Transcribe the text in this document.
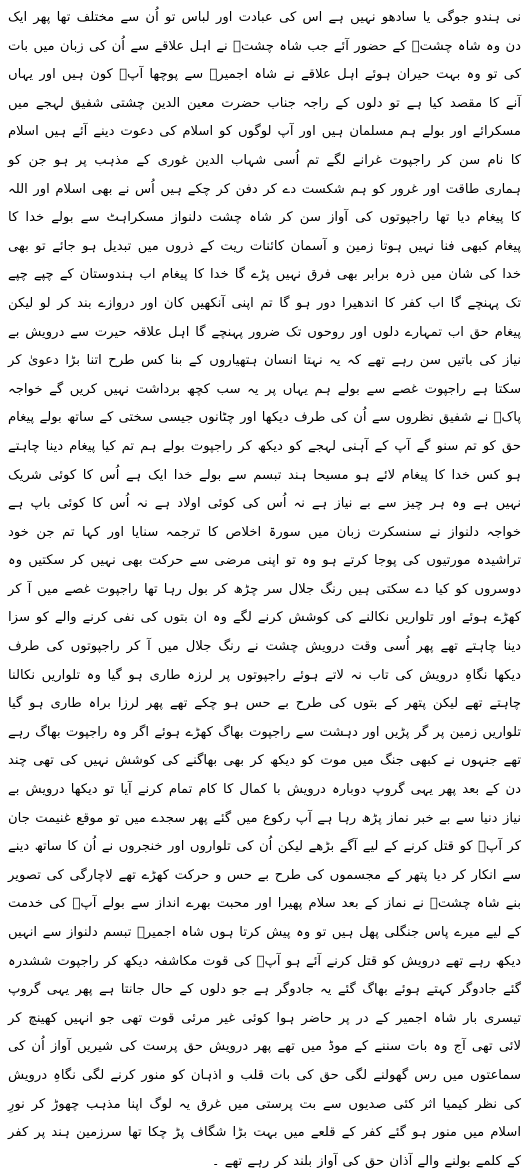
نی ہندو جوگی یا سادھو نہیں ہے اس کی عبادت اور لباس تو اُن سے مختلف تھا پھر ایک دن وہ شاہ چشتؒ کے حضور آئے جب شاہ چشتؒ نے اہل علاقے سے اُن کی زبان میں بات کی تو وہ بہت حیران ہوئے اہل علاقے نے شاہ اجمیرؒ سے پوچھا آپؒ کون ہیں اور یہاں آنے کا مقصد کیا ہے تو دلوں کے راجہ جناب حضرت معین الدین چشتی شفیق لہجے میں مسکرائے اور بولے ہم مسلمان ہیں اور آپ لوگوں کو اسلام کی دعوت دینے آئے ہیں اسلام کا نام سن کر راجپوت غرانے لگے تم اُسی شہاب الدین غوری کے مذہب پر ہو جن کو ہماری طاقت اور غرور کو ہم شکست دے کر دفن کر چکے ہیں اُس نے بھی اسلام اور اللہ کا پیغام دیا تھا راجپوتوں کی آواز سن کر شاہ چشت دلنواز مسکراہٹ سے بولے خدا کا پیغام کبھی فنا نہیں ہوتا زمین و آسمان کائنات ریت کے ذروں میں تبدیل ہو جائے تو بھی خدا کی شان میں ذرہ برابر بھی فرق نہیں پڑے گا خدا کا پیغام اب ہندوستان کے چپے چپے تک پہنچے گا اب کفر کا اندھیرا دور ہو گا تم اپنی آنکھیں کان اور دروازے بند کر لو لیکن پیغام حق اب تمہارے دلوں اور روحوں تک ضرور پہنچے گا اہل علاقہ حیرت سے درویش بے نیاز کی باتیں سن رہے تھے کہ یہ نہتا انسان ہتھیاروں کے بنا کس طرح اتنا بڑا دعویٰ کر سکتا ہے راجپوت غصے سے بولے ہم یہاں پر یہ سب کچھ برداشت نہیں کریں گے خواجہ پاکؒ نے شفیق نظروں سے اُن کی طرف دیکھا اور چٹانوں جیسی سختی کے ساتھ بولے پیغام حق کو تم سنو گے آپ کے آہنی لہجے کو دیکھ کر راجپوت بولے ہم تم کیا پیغام دینا چاہتے ہو کس خدا کا پیغام لائے ہو مسیحا ہند تبسم سے بولے خدا ایک ہے اُس کا کوئی شریک نہیں ہے وہ ہر چیز سے بے نیاز ہے نہ اُس کی کوئی اولاد ہے نہ اُس کا کوئی باپ ہے خواجہ دلنواز نے سنسکرت زبان میں سورۃ اخلاص کا ترجمہ سنایا اور کہا تم جن خود تراشیدہ مورتیوں کی پوجا کرتے ہو وہ تو اپنی مرضی سے حرکت بھی نہیں کر سکتیں وہ دوسروں کو کیا دے سکتی ہیں رنگ جلال سر چڑھ کر بول رہا تھا راجپوت غصے میں آ کر کھڑے ہوئے اور تلواریں نکالنے کی کوشش کرنے لگے وہ ان بتوں کی نفی کرنے والے کو سزا دینا چاہتے تھے پھر اُسی وقت درویش چشت نے رنگ جلال میں آ کر راجپوتوں کی طرف دیکھا نگاہِ درویش کی تاب نہ لاتے ہوئے راجپوتوں پر لرزہ طاری ہو گیا وہ تلواریں نکالنا چاہتے تھے لیکن پتھر کے بتوں کی طرح بے حس ہو چکے تھے پھر لرزا براہ طاری ہو گیا تلواریں زمین پر گر پڑیں اور دہشت سے راجپوت بھاگ کھڑے ہوئے اگر وہ راجپوت بھاگ رہے تھے جنہوں نے کبھی جنگ میں موت کو دیکھ کر بھی بھاگنے کی کوشش نہیں کی تھی چند دن کے بعد پھر یہی گروپ دوبارہ درویش با کمال کا کام تمام کرنے آیا تو دیکھا درویش بے نیاز دنیا سے بے خبر نماز پڑھ رہا ہے آپ رکوع میں گئے پھر سجدے میں تو موقع غنیمت جان کر آپؒ کو قتل کرنے کے لیے آگے بڑھے لیکن اُن کی تلواروں اور خنجروں نے اُن کا ساتھ دینے سے انکار کر دیا پتھر کے مجسموں کی طرح بے حس و حرکت کھڑے تھے لاچارگی کی تصویر بنے شاہ چشتؒ نے نماز کے بعد سلام پھیرا اور محبت بھرے انداز سے بولے آپؒ کی خدمت کے لیے میرے پاس جنگلی پھل ہیں تو وہ پیش کرتا ہوں شاہ اجمیرؒ تبسم دلنواز سے انہیں دیکھ رہے تھے درویش کو قتل کرنے آئے ہو آپؒ کی قوت مکاشفہ دیکھ کر راجپوت ششدرہ گئے جادوگر کہتے ہوئے بھاگ گئے یہ جادوگر ہے جو دلوں کے حال جانتا ہے پھر یہی گروپ تیسری بار شاہ اجمیر کے در پر حاضر ہوا کوئی غیر مرئی قوت تھی جو انہیں کھینچ کر لائی تھی آج وہ بات سننے کے موڈ میں تھے پھر درویش حق پرست کی شیریں آواز اُن کی سماعتوں میں رس گھولنے لگی حق کی بات قلب و اذہان کو منور کرنے لگی نگاہِ درویش کی نظر کیمیا اثر کئی صدیوں سے بت پرستی میں غرق یہ لوگ اپنا مذہب چھوڑ کر نورِ اسلام میں منور ہو گئے کفر کے قلعے میں بہت بڑا شگاف پڑ چکا تھا سرزمین ہند پر کفر کے کلمے بولنے والے آذان حق کی آواز بلند کر رہے تھے ۔
